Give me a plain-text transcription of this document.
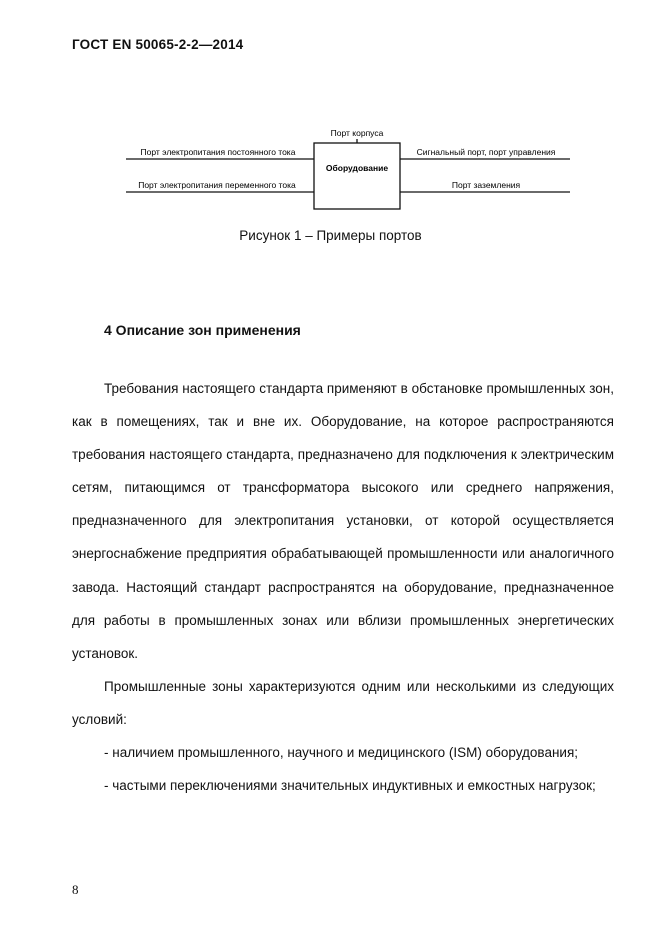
ГОСТ EN 50065-2-2—2014
Оборудование
Порт корпуса
Порт электропитания постоянного тока
Порт электропитания переменного тока
Сигнальный порт, порт управления
Порт заземления
Рисунок 1 – Примеры портов
4 Описание зон применения

Требования настоящего стандарта применяют в обстановке промышленных зон, как в помещениях, так и вне их. Оборудование, на которое распространяются требования настоящего стандарта, предназначено для подключения к электрическим сетям, питающимся от трансформатора высокого или среднего напряжения, предназначенного для электропитания установки, от которой осуществляется энергоснабжение предприятия обрабатывающей промышленности или аналогичного завода. Настоящий стандарт распространятся на оборудование, предназначенное для работы в промышленных зонах или вблизи промышленных энергетических установок.

Промышленные зоны характеризуются одним или несколькими из следующих условий:

- наличием промышленного, научного и медицинского (ISM) оборудования;

- частыми переключениями значительных индуктивных и емкостных нагрузок;

8
